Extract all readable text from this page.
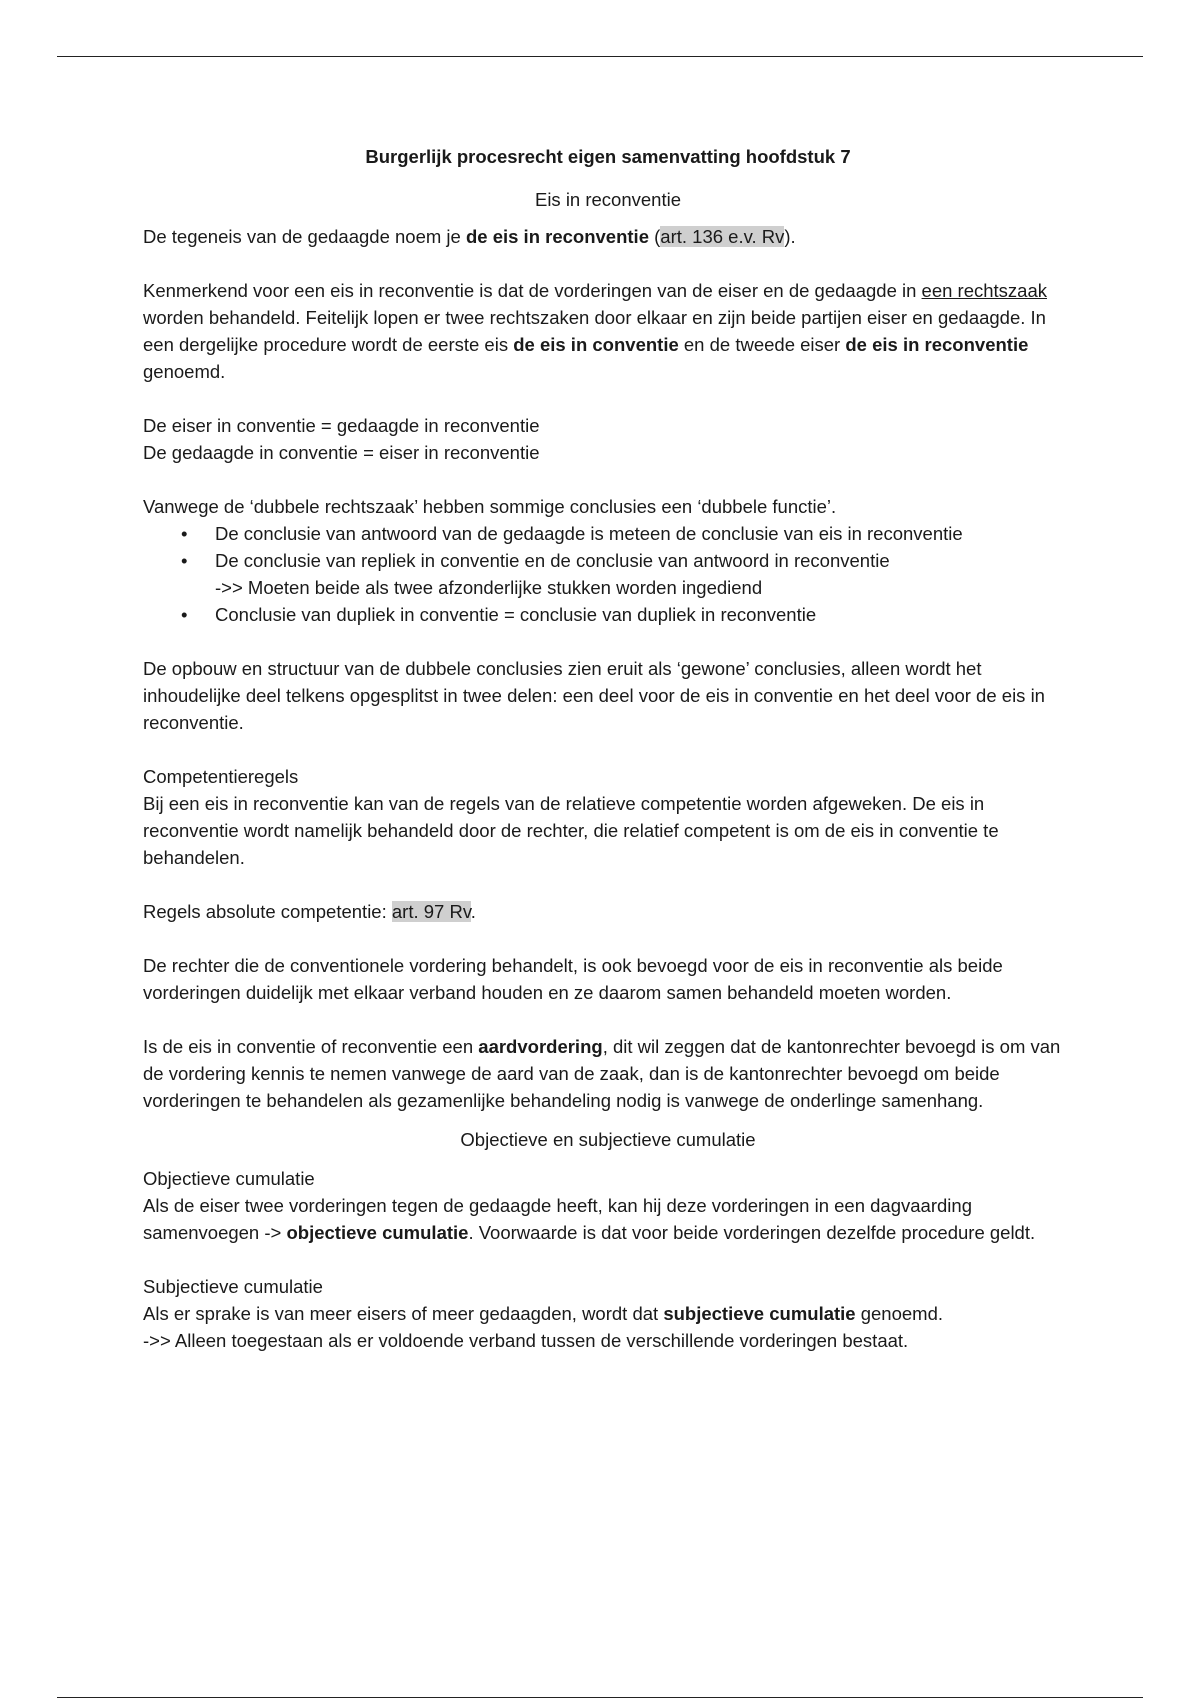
Burgerlijk procesrecht eigen samenvatting hoofdstuk 7
Eis in reconventie

De tegeneis van de gedaagde noem je de eis in reconventie (art. 136 e.v. Rv).

Kenmerkend voor een eis in reconventie is dat de vorderingen van de eiser en de gedaagde in een rechtszaak worden behandeld. Feitelijk lopen er twee rechtszaken door elkaar en zijn beide partijen eiser en gedaagde. In een dergelijke procedure wordt de eerste eis de eis in conventie en de tweede eiser de eis in reconventie genoemd.

De eiser in conventie = gedaagde in reconventie
De gedaagde in conventie = eiser in reconventie

Vanwege de ‘dubbele rechtszaak’ hebben sommige conclusies een ‘dubbele functie’.

• De conclusie van antwoord van de gedaagde is meteen de conclusie van eis in reconventie
• De conclusie van repliek in conventie en de conclusie van antwoord in reconventie
->> Moeten beide als twee afzonderlijke stukken worden ingediend
• Conclusie van dupliek in conventie = conclusie van dupliek in reconventie

De opbouw en structuur van de dubbele conclusies zien eruit als ‘gewone’ conclusies, alleen wordt het inhoudelijke deel telkens opgesplitst in twee delen: een deel voor de eis in conventie en het deel voor de eis in reconventie.

Competentieregels

Bij een eis in reconventie kan van de regels van de relatieve competentie worden afgeweken. De eis in reconventie wordt namelijk behandeld door de rechter, die relatief competent is om de eis in conventie te behandelen.

Regels absolute competentie: art. 97 Rv.

De rechter die de conventionele vordering behandelt, is ook bevoegd voor de eis in reconventie als beide vorderingen duidelijk met elkaar verband houden en ze daarom samen behandeld moeten worden.

Is de eis in conventie of reconventie een aardvordering, dit wil zeggen dat de kantonrechter bevoegd is om van de vordering kennis te nemen vanwege de aard van de zaak, dan is de kantonrechter bevoegd om beide vorderingen te behandelen als gezamenlijke behandeling nodig is vanwege de onderlinge samenhang.

Objectieve en subjectieve cumulatie

Objectieve cumulatie

Als de eiser twee vorderingen tegen de gedaagde heeft, kan hij deze vorderingen in een dagvaarding samenvoegen -> objectieve cumulatie. Voorwaarde is dat voor beide vorderingen dezelfde procedure geldt.

Subjectieve cumulatie

Als er sprake is van meer eisers of meer gedaagden, wordt dat subjectieve cumulatie genoemd.
->> Alleen toegestaan als er voldoende verband tussen de verschillende vorderingen bestaat.
